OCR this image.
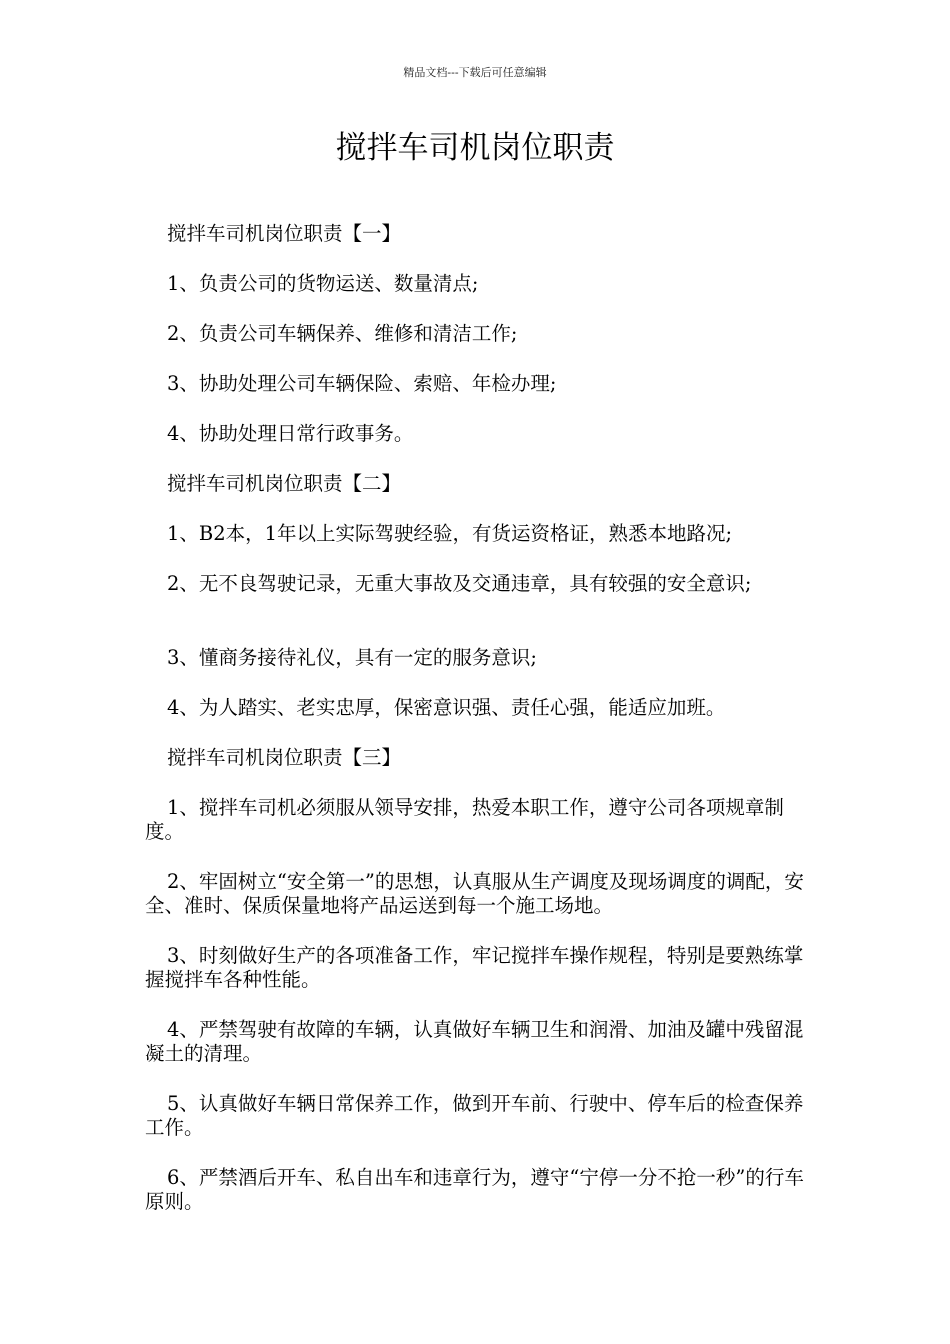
精品文档---下载后可任意编辑
搅拌车司机岗位职责

搅拌车司机岗位职责【一】

1、负责公司的货物运送、数量清点;

2、负责公司车辆保养、维修和清洁工作;

3、协助处理公司车辆保险、索赔、年检办理;

4、协助处理日常行政事务。

搅拌车司机岗位职责【二】

1、B2本，1年以上实际驾驶经验，有货运资格证，熟悉本地路况;

2、无不良驾驶记录，无重大事故及交通违章，具有较强的安全意识;

3、懂商务接待礼仪，具有一定的服务意识;

4、为人踏实、老实忠厚，保密意识强、责任心强，能适应加班。

搅拌车司机岗位职责【三】

1、搅拌车司机必须服从领导安排，热爱本职工作，遵守公司各项规章制度。

2、牢固树立“安全第一”的思想，认真服从生产调度及现场调度的调配，安全、准时、保质保量地将产品运送到每一个施工场地。

3、时刻做好生产的各项准备工作，牢记搅拌车操作规程，特别是要熟练掌握搅拌车各种性能。

4、严禁驾驶有故障的车辆，认真做好车辆卫生和润滑、加油及罐中残留混凝土的清理。

5、认真做好车辆日常保养工作，做到开车前、行驶中、停车后的检查保养工作。

6、严禁酒后开车、私自出车和违章行为，遵守“宁停一分不抢一秒”的行车原则。
